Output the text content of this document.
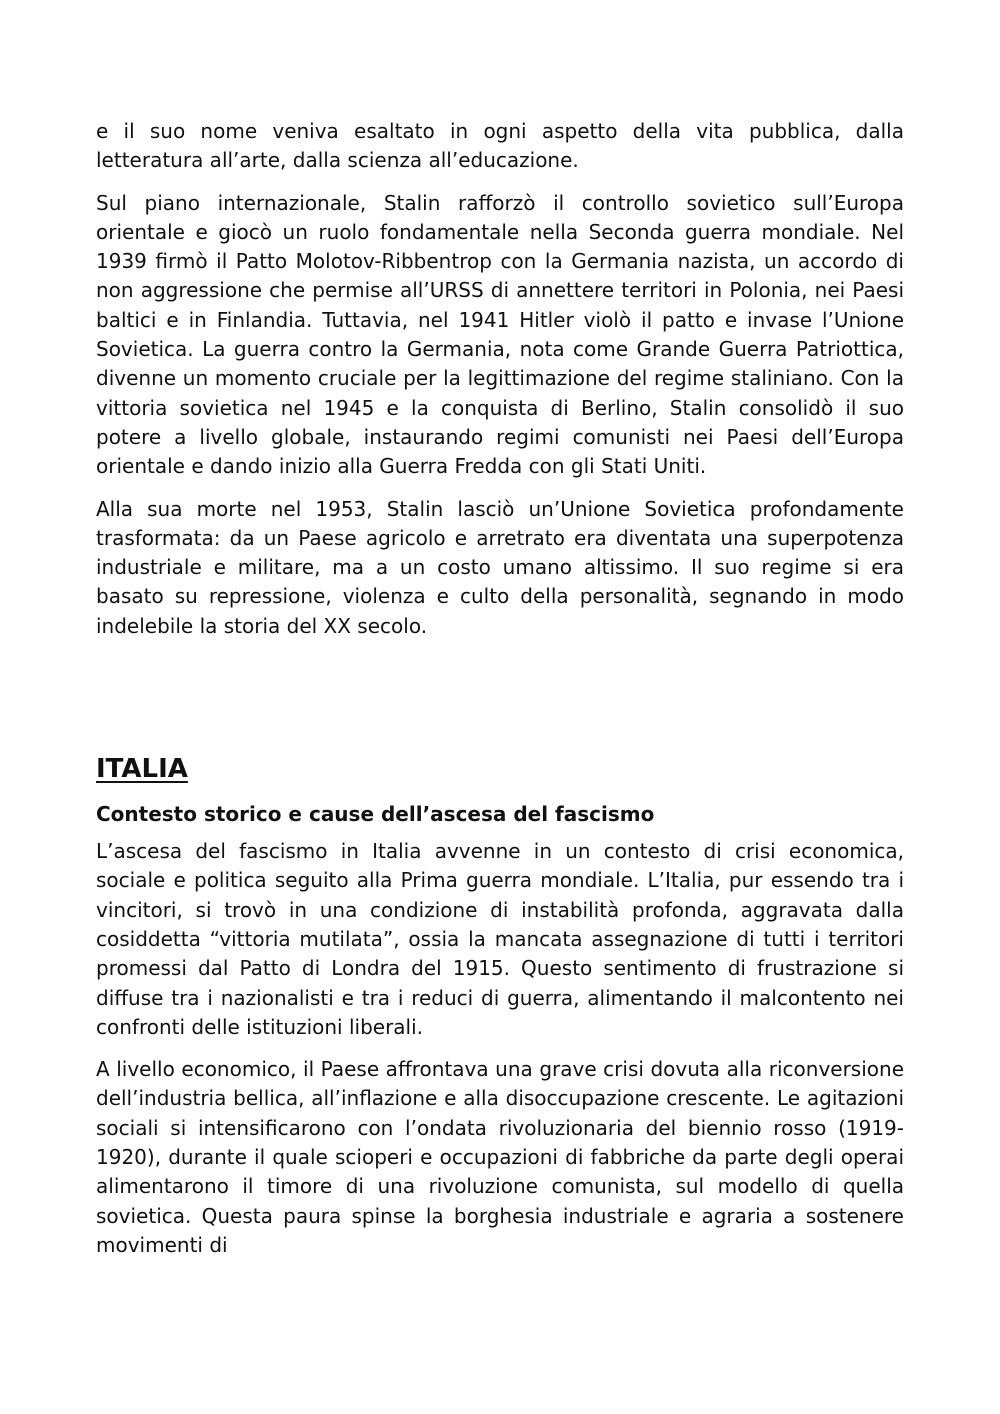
e il suo nome veniva esaltato in ogni aspetto della vita pubblica, dalla letteratura all’arte, dalla scienza all’educazione.

Sul piano internazionale, Stalin rafforzò il controllo sovietico sull’Europa orientale e giocò un ruolo fondamentale nella Seconda guerra mondiale. Nel 1939 firmò il Patto Molotov-Ribbentrop con la Germania nazista, un accordo di non aggressione che permise all’URSS di annettere territori in Polonia, nei Paesi baltici e in Finlandia. Tuttavia, nel 1941 Hitler violò il patto e invase l’Unione Sovietica. La guerra contro la Germania, nota come Grande Guerra Patriottica, divenne un momento cruciale per la legittimazione del regime staliniano. Con la vittoria sovietica nel 1945 e la conquista di Berlino, Stalin consolidò il suo potere a livello globale, instaurando regimi comunisti nei Paesi dell’Europa orientale e dando inizio alla Guerra Fredda con gli Stati Uniti.

Alla sua morte nel 1953, Stalin lasciò un’Unione Sovietica profondamente trasformata: da un Paese agricolo e arretrato era diventata una superpotenza industriale e militare, ma a un costo umano altissimo. Il suo regime si era basato su repressione, violenza e culto della personalità, segnando in modo indelebile la storia del XX secolo.

ITALIA
Contesto storico e cause dell’ascesa del fascismo

L’ascesa del fascismo in Italia avvenne in un contesto di crisi economica, sociale e politica seguito alla Prima guerra mondiale. L’Italia, pur essendo tra i vincitori, si trovò in una condizione di instabilità profonda, aggravata dalla cosiddetta “vittoria mutilata”, ossia la mancata assegnazione di tutti i territori promessi dal Patto di Londra del 1915. Questo sentimento di frustrazione si diffuse tra i nazionalisti e tra i reduci di guerra, alimentando il malcontento nei confronti delle istituzioni liberali.

A livello economico, il Paese affrontava una grave crisi dovuta alla riconversione dell’industria bellica, all’inflazione e alla disoccupazione crescente. Le agitazioni sociali si intensificarono con l’ondata rivoluzionaria del biennio rosso (1919-1920), durante il quale scioperi e occupazioni di fabbriche da parte degli operai alimentarono il timore di una rivoluzione comunista, sul modello di quella sovietica. Questa paura spinse la borghesia industriale e agraria a sostenere movimenti di
